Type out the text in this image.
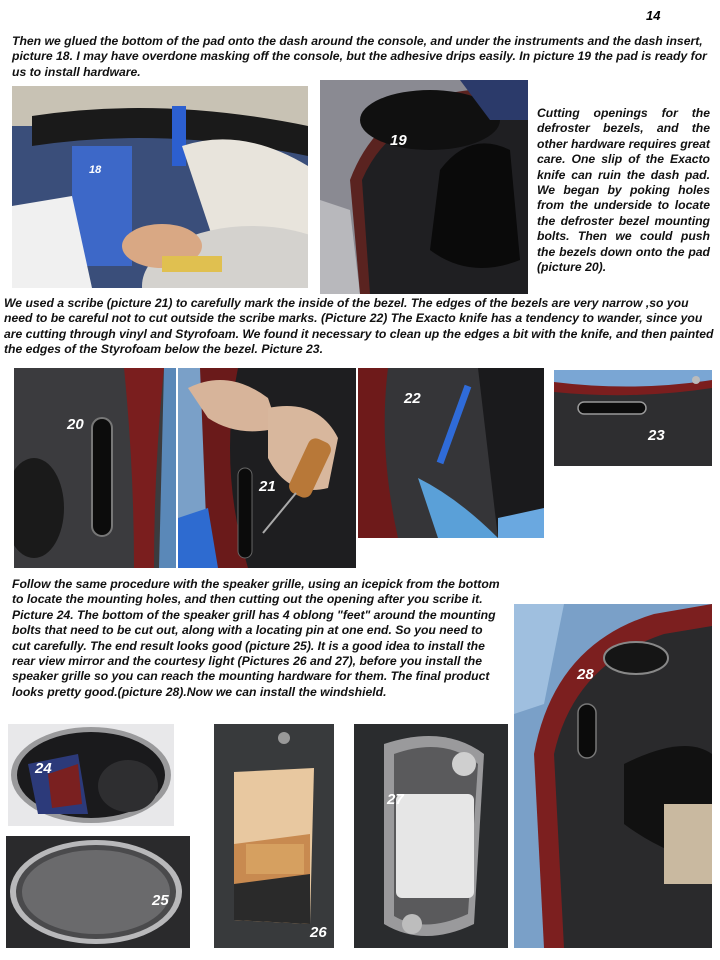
14

Then we glued the bottom of the pad onto the dash around the console, and under the instruments and the dash insert, picture 18. I may have overdone masking off the console, but the adhesive drips easily. In picture 19 the pad is ready for us to install hardware.

Cutting openings for the defroster bezels, and the other hardware requires great care. One slip of the Exacto knife can ruin the dash pad. We began by poking holes from the underside to locate the defroster bezel mounting bolts. Then we could push the bezels down onto the pad (picture 20).

We used a scribe (picture 21) to carefully mark the inside of the bezel. The edges of the bezels are very narrow ,so you need to be careful not to cut outside the scribe marks. (Picture 22) The Exacto knife has a tendency to wander, since you are cutting through vinyl and Styrofoam. We found it necessary to clean up the edges a bit with the knife, and then painted the edges of the Styrofoam below the bezel. Picture 23.

Follow the same procedure with the speaker grille, using an icepick from the bottom to locate the mounting holes, and then cutting out the opening after you scribe it. Picture 24. The bottom of the speaker grill has 4 oblong "feet" around the mounting bolts that need to be cut out, along with a locating pin at one end. So you need to cut carefully. The end result looks good (picture 25). It is a good idea to install the rear view mirror and the courtesy light (Pictures 26 and 27), before you install the speaker grille so you can reach the mounting hardware for them. The final product looks pretty good.(picture 28).Now we can install the windshield.

18
19
20
21
22
23
28
24
25
26
27
